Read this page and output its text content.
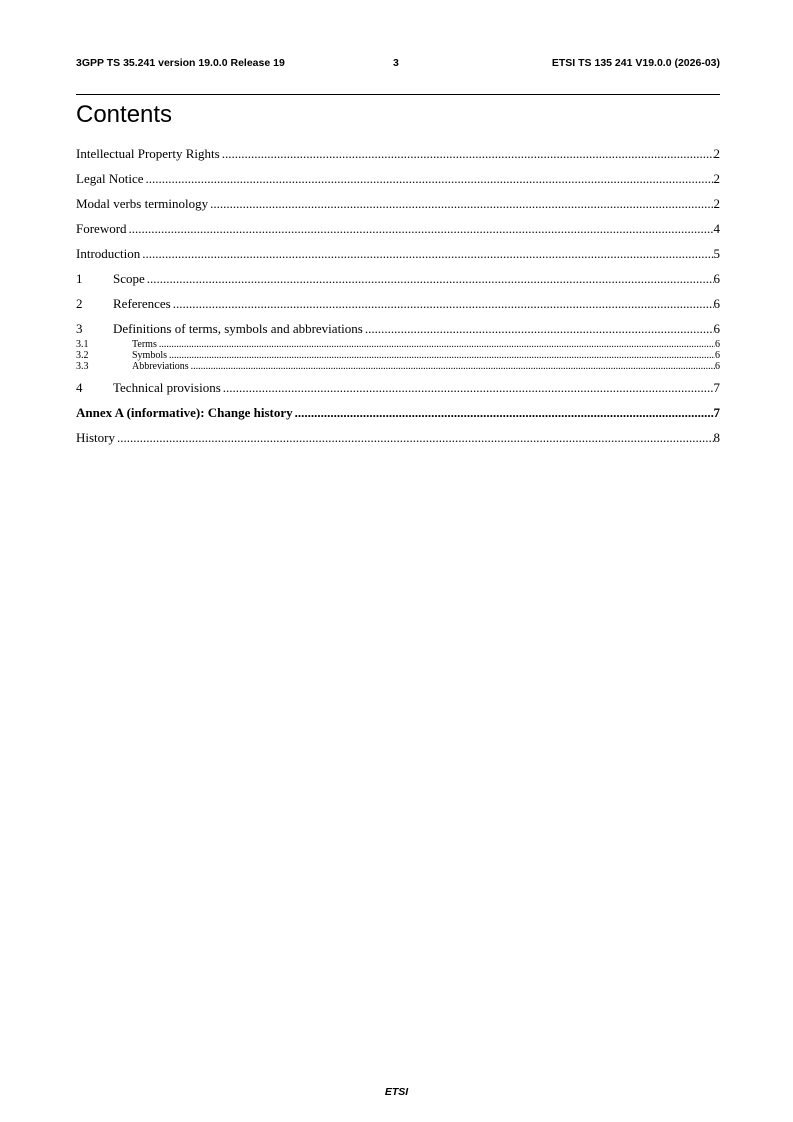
3GPP TS 35.241 version 19.0.0 Release 19	3	ETSI TS 135 241 V19.0.0 (2026-03)
Contents
Intellectual Property Rights .....	2
Legal Notice .....	2
Modal verbs terminology .....	2
Foreword .....	4
Introduction .....	5
1	Scope .....	6
2	References .....	6
3	Definitions of terms, symbols and abbreviations .....	6
3.1	Terms .....	6
3.2	Symbols .....	6
3.3	Abbreviations .....	6
4	Technical provisions .....	7
Annex A (informative): Change history .....	7
History .....	8
ETSI
